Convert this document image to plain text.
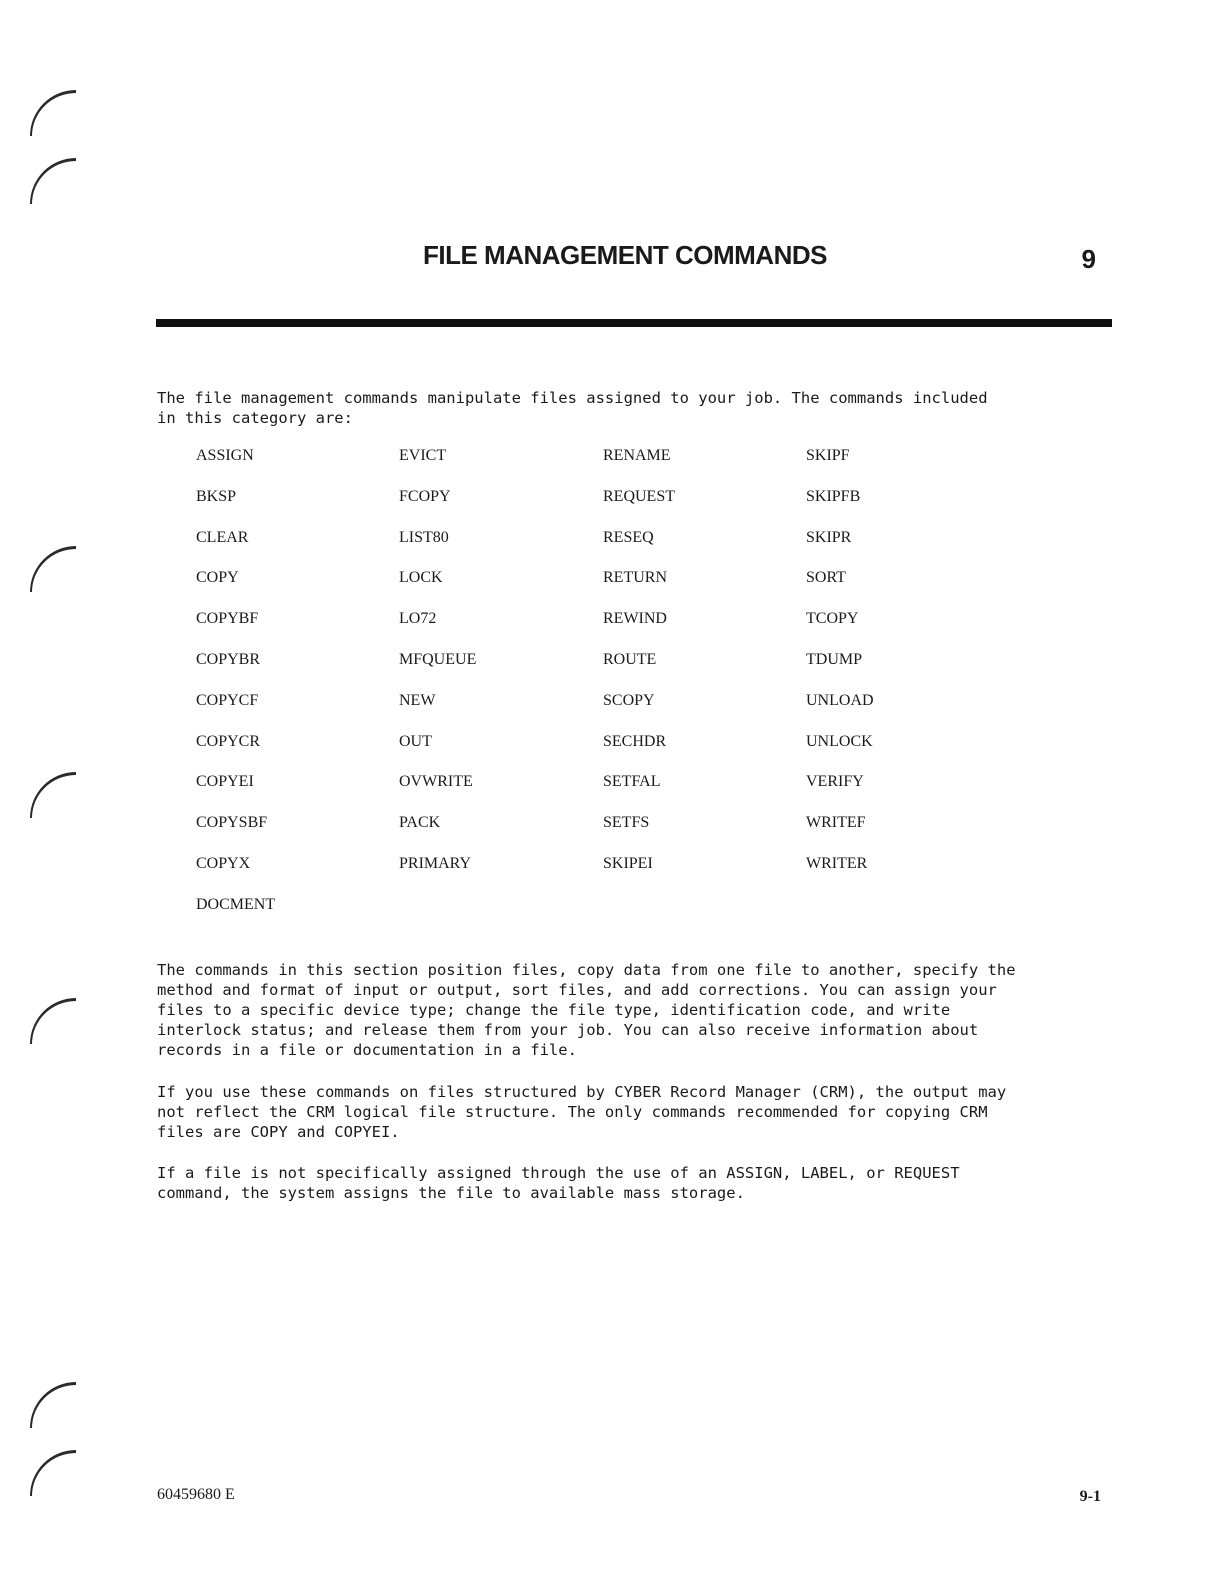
FILE MANAGEMENT COMMANDS	9

The file management commands manipulate files assigned to your job. The commands included
in this category are:

ASSIGN	EVICT	RENAME	SKIPF
BKSP	FCOPY	REQUEST	SKIPFB
CLEAR	LIST80	RESEQ	SKIPR
COPY	LOCK	RETURN	SORT
COPYBF	LO72	REWIND	TCOPY
COPYBR	MFQUEUE	ROUTE	TDUMP
COPYCF	NEW	SCOPY	UNLOAD
COPYCR	OUT	SECHDR	UNLOCK
COPYEI	OVWRITE	SETFAL	VERIFY
COPYSBF	PACK	SETFS	WRITEF
COPYX	PRIMARY	SKIPEI	WRITER
DOCMENT

The commands in this section position files, copy data from one file to another, specify the
method and format of input or output, sort files, and add corrections. You can assign your
files to a specific device type; change the file type, identification code, and write
interlock status; and release them from your job. You can also receive information about
records in a file or documentation in a file.

If you use these commands on files structured by CYBER Record Manager (CRM), the output may
not reflect the CRM logical file structure. The only commands recommended for copying CRM
files are COPY and COPYEI.

If a file is not specifically assigned through the use of an ASSIGN, LABEL, or REQUEST
command, the system assigns the file to available mass storage.

60459680 E	9-1
